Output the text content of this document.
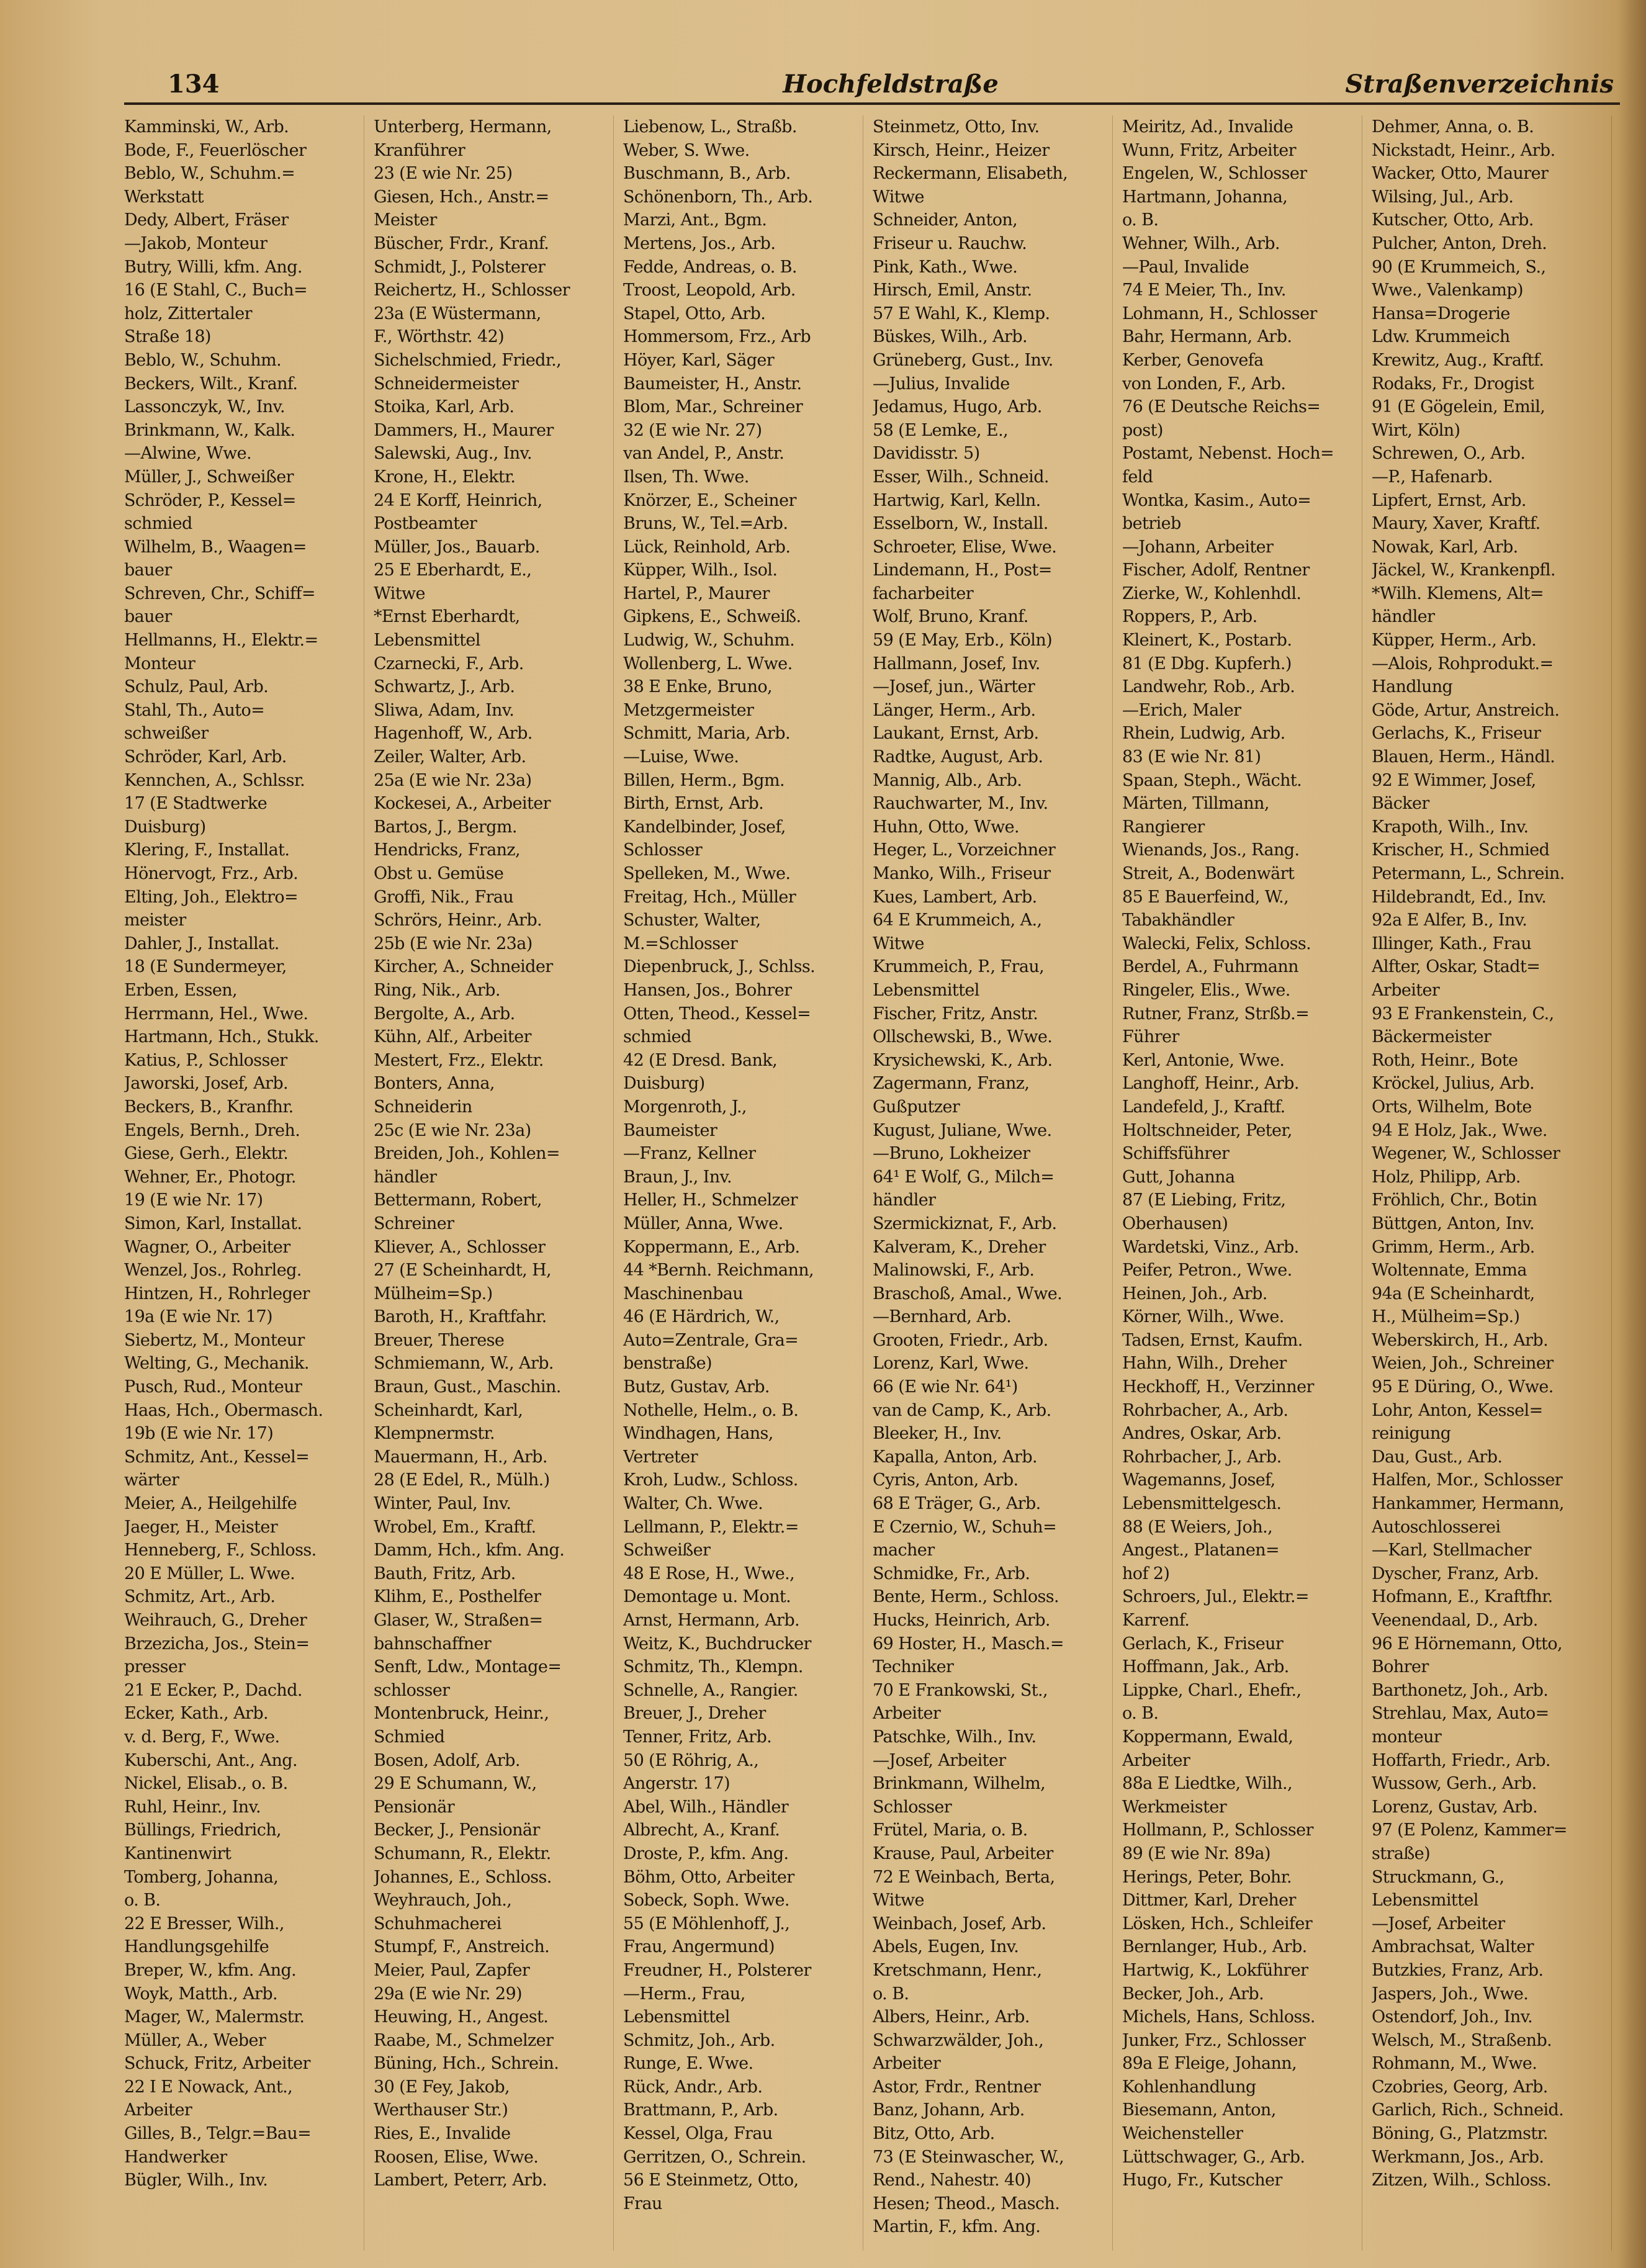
134	Hochfeldstraße	Straßenverzeichnis
Kamminski, W., Arb.
Bode, F., Feuerlöscher
Beblo, W., Schuhm.=
Werkstatt
Dedy, Albert, Fräser
—Jakob, Monteur
Butry, Willi, kfm. Ang.
16 (E Stahl, C., Buch=
holz, Zittertaler
Straße 18)
Beblo, W., Schuhm.
Beckers, Wilt., Kranf.
Lassonczyk, W., Inv.
Brinkmann, W., Kalk.
—Alwine, Wwe.
Müller, J., Schweißer
Schröder, P., Kessel=
schmied
Wilhelm, B., Waagen=
bauer
Schreven, Chr., Schiff=
bauer
Hellmanns, H., Elektr.=
Monteur
Schulz, Paul, Arb.
Stahl, Th., Auto=
schweißer
Schröder, Karl, Arb.
Kennchen, A., Schlssr.
17 (E Stadtwerke
Duisburg)
Klering, F., Installat.
Hönervogt, Frz., Arb.
Elting, Joh., Elektro=
meister
Dahler, J., Installat.
18 (E Sundermeyer,
Erben, Essen,
Herrmann, Hel., Wwe.
Hartmann, Hch., Stukk.
Katius, P., Schlosser
Jaworski, Josef, Arb.
Beckers, B., Kranfhr.
Engels, Bernh., Dreh.
Giese, Gerh., Elektr.
Wehner, Er., Photogr.
19 (E wie Nr. 17)
Simon, Karl, Installat.
Wagner, O., Arbeiter
Wenzel, Jos., Rohrleg.
Hintzen, H., Rohrleger
19a (E wie Nr. 17)
Siebertz, M., Monteur
Welting, G., Mechanik.
Pusch, Rud., Monteur
Haas, Hch., Obermasch.
19b (E wie Nr. 17)
Schmitz, Ant., Kessel=
wärter
Meier, A., Heilgehilfe
Jaeger, H., Meister
Henneberg, F., Schloss.
20 E Müller, L. Wwe.
Schmitz, Art., Arb.
Weihrauch, G., Dreher
Brzezicha, Jos., Stein=
presser
21 E Ecker, P., Dachd.
Ecker, Kath., Arb.
v. d. Berg, F., Wwe.
Kuberschi, Ant., Ang.
Nickel, Elisab., o. B.
Ruhl, Heinr., Inv.
Büllings, Friedrich,
Kantinenwirt
Tomberg, Johanna,
o. B.
22 E Bresser, Wilh.,
Handlungsgehilfe
Breper, W., kfm. Ang.
Woyk, Matth., Arb.
Mager, W., Malermstr.
Müller, A., Weber
Schuck, Fritz, Arbeiter
22 I E Nowack, Ant.,
Arbeiter
Gilles, B., Telgr.=Bau=
Handwerker
Bügler, Wilh., Inv.
Unterberg, Hermann,
Kranführer
23 (E wie Nr. 25)
Giesen, Hch., Anstr.=
Meister
Büscher, Frdr., Kranf.
Schmidt, J., Polsterer
Reichertz, H., Schlosser
23a (E Wüstermann,
F., Wörthstr. 42)
Sichelschmied, Friedr.,
Schneidermeister
Stoika, Karl, Arb.
Dammers, H., Maurer
Salewski, Aug., Inv.
Krone, H., Elektr.
24 E Korff, Heinrich,
Postbeamter
Müller, Jos., Bauarb.
25 E Eberhardt, E.,
Witwe
*Ernst Eberhardt,
Lebensmittel
Czarnecki, F., Arb.
Schwartz, J., Arb.
Sliwa, Adam, Inv.
Hagenhoff, W., Arb.
Zeiler, Walter, Arb.
25a (E wie Nr. 23a)
Kockesei, A., Arbeiter
Bartos, J., Bergm.
Hendricks, Franz,
Obst u. Gemüse
Groffi, Nik., Frau
Schrörs, Heinr., Arb.
25b (E wie Nr. 23a)
Kircher, A., Schneider
Ring, Nik., Arb.
Bergolte, A., Arb.
Kühn, Alf., Arbeiter
Mestert, Frz., Elektr.
Bonters, Anna,
Schneiderin
25c (E wie Nr. 23a)
Breiden, Joh., Kohlen=
händler
Bettermann, Robert,
Schreiner
Kliever, A., Schlosser
27 (E Scheinhardt, H,
Mülheim=Sp.)
Baroth, H., Kraftfahr.
Breuer, Therese
Schmiemann, W., Arb.
Braun, Gust., Maschin.
Scheinhardt, Karl,
Klempnermstr.
Mauermann, H., Arb.
28 (E Edel, R., Mülh.)
Winter, Paul, Inv.
Wrobel, Em., Kraftf.
Damm, Hch., kfm. Ang.
Bauth, Fritz, Arb.
Klihm, E., Posthelfer
Glaser, W., Straßen=
bahnschaffner
Senft, Ldw., Montage=
schlosser
Montenbruck, Heinr.,
Schmied
Bosen, Adolf, Arb.
29 E Schumann, W.,
Pensionär
Becker, J., Pensionär
Schumann, R., Elektr.
Johannes, E., Schloss.
Weyhrauch, Joh.,
Schuhmacherei
Stumpf, F., Anstreich.
Meier, Paul, Zapfer
29a (E wie Nr. 29)
Heuwing, H., Angest.
Raabe, M., Schmelzer
Büning, Hch., Schrein.
30 (E Fey, Jakob,
Werthauser Str.)
Ries, E., Invalide
Roosen, Elise, Wwe.
Lambert, Peterr, Arb.
Liebenow, L., Straßb.
Weber, S. Wwe.
Buschmann, B., Arb.
Schönenborn, Th., Arb.
Marzi, Ant., Bgm.
Mertens, Jos., Arb.
Fedde, Andreas, o. B.
Troost, Leopold, Arb.
Stapel, Otto, Arb.
Hommersom, Frz., Arb
Höyer, Karl, Säger
Baumeister, H., Anstr.
Blom, Mar., Schreiner
32 (E wie Nr. 27)
van Andel, P., Anstr.
Ilsen, Th. Wwe.
Knörzer, E., Scheiner
Bruns, W., Tel.=Arb.
Lück, Reinhold, Arb.
Küpper, Wilh., Isol.
Hartel, P., Maurer
Gipkens, E., Schweiß.
Ludwig, W., Schuhm.
Wollenberg, L. Wwe.
38 E Enke, Bruno,
Metzgermeister
Schmitt, Maria, Arb.
—Luise, Wwe.
Billen, Herm., Bgm.
Birth, Ernst, Arb.
Kandelbinder, Josef,
Schlosser
Spelleken, M., Wwe.
Freitag, Hch., Müller
Schuster, Walter,
M.=Schlosser
Diepenbruck, J., Schlss.
Hansen, Jos., Bohrer
Otten, Theod., Kessel=
schmied
42 (E Dresd. Bank,
Duisburg)
Morgenroth, J.,
Baumeister
—Franz, Kellner
Braun, J., Inv.
Heller, H., Schmelzer
Müller, Anna, Wwe.
Koppermann, E., Arb.
44 *Bernh. Reichmann,
Maschinenbau
46 (E Härdrich, W.,
Auto=Zentrale, Gra=
benstraße)
Butz, Gustav, Arb.
Nothelle, Helm., o. B.
Windhagen, Hans,
Vertreter
Kroh, Ludw., Schloss.
Walter, Ch. Wwe.
Lellmann, P., Elektr.=
Schweißer
48 E Rose, H., Wwe.,
Demontage u. Mont.
Arnst, Hermann, Arb.
Weitz, K., Buchdrucker
Schmitz, Th., Klempn.
Schnelle, A., Rangier.
Breuer, J., Dreher
Tenner, Fritz, Arb.
50 (E Röhrig, A.,
Angerstr. 17)
Abel, Wilh., Händler
Albrecht, A., Kranf.
Droste, P., kfm. Ang.
Böhm, Otto, Arbeiter
Sobeck, Soph. Wwe.
55 (E Möhlenhoff, J.,
Frau, Angermund)
Freudner, H., Polsterer
—Herm., Frau,
Lebensmittel
Schmitz, Joh., Arb.
Runge, E. Wwe.
Rück, Andr., Arb.
Brattmann, P., Arb.
Kessel, Olga, Frau
Gerritzen, O., Schrein.
56 E Steinmetz, Otto,
Frau
Steinmetz, Otto, Inv.
Kirsch, Heinr., Heizer
Reckermann, Elisabeth,
Witwe
Schneider, Anton,
Friseur u. Rauchw.
Pink, Kath., Wwe.
Hirsch, Emil, Anstr.
57 E Wahl, K., Klemp.
Büskes, Wilh., Arb.
Grüneberg, Gust., Inv.
—Julius, Invalide
Jedamus, Hugo, Arb.
58 (E Lemke, E.,
Davidisstr. 5)
Esser, Wilh., Schneid.
Hartwig, Karl, Kelln.
Esselborn, W., Install.
Schroeter, Elise, Wwe.
Lindemann, H., Post=
facharbeiter
Wolf, Bruno, Kranf.
59 (E May, Erb., Köln)
Hallmann, Josef, Inv.
—Josef, jun., Wärter
Länger, Herm., Arb.
Laukant, Ernst, Arb.
Radtke, August, Arb.
Mannig, Alb., Arb.
Rauchwarter, M., Inv.
Huhn, Otto, Wwe.
Heger, L., Vorzeichner
Manko, Wilh., Friseur
Kues, Lambert, Arb.
64 E Krummeich, A.,
Witwe
Krummeich, P., Frau,
Lebensmittel
Fischer, Fritz, Anstr.
Ollschewski, B., Wwe.
Krysichewski, K., Arb.
Zagermann, Franz,
Gußputzer
Kugust, Juliane, Wwe.
—Bruno, Lokheizer
64¹ E Wolf, G., Milch=
händler
Szermickiznat, F., Arb.
Kalveram, K., Dreher
Malinowski, F., Arb.
Braschoß, Amal., Wwe.
—Bernhard, Arb.
Grooten, Friedr., Arb.
Lorenz, Karl, Wwe.
66 (E wie Nr. 64¹)
van de Camp, K., Arb.
Bleeker, H., Inv.
Kapalla, Anton, Arb.
Cyris, Anton, Arb.
68 E Träger, G., Arb.
E Czernio, W., Schuh=
macher
Schmidke, Fr., Arb.
Bente, Herm., Schloss.
Hucks, Heinrich, Arb.
69 Hoster, H., Masch.=
Techniker
70 E Frankowski, St.,
Arbeiter
Patschke, Wilh., Inv.
—Josef, Arbeiter
Brinkmann, Wilhelm,
Schlosser
Frütel, Maria, o. B.
Krause, Paul, Arbeiter
72 E Weinbach, Berta,
Witwe
Weinbach, Josef, Arb.
Abels, Eugen, Inv.
Kretschmann, Henr.,
o. B.
Albers, Heinr., Arb.
Schwarzwälder, Joh.,
Arbeiter
Astor, Frdr., Rentner
Banz, Johann, Arb.
Bitz, Otto, Arb.
73 (E Steinwascher, W.,
Rend., Nahestr. 40)
Hesen; Theod., Masch.
Martin, F., kfm. Ang.
Meiritz, Ad., Invalide
Wunn, Fritz, Arbeiter
Engelen, W., Schlosser
Hartmann, Johanna,
o. B.
Wehner, Wilh., Arb.
—Paul, Invalide
74 E Meier, Th., Inv.
Lohmann, H., Schlosser
Bahr, Hermann, Arb.
Kerber, Genovefa
von Londen, F., Arb.
76 (E Deutsche Reichs=
post)
Postamt, Nebenst. Hoch=
feld
Wontka, Kasim., Auto=
betrieb
—Johann, Arbeiter
Fischer, Adolf, Rentner
Zierke, W., Kohlenhdl.
Roppers, P., Arb.
Kleinert, K., Postarb.
81 (E Dbg. Kupferh.)
Landwehr, Rob., Arb.
—Erich, Maler
Rhein, Ludwig, Arb.
83 (E wie Nr. 81)
Spaan, Steph., Wächt.
Märten, Tillmann,
Rangierer
Wienands, Jos., Rang.
Streit, A., Bodenwärt
85 E Bauerfeind, W.,
Tabakhändler
Walecki, Felix, Schloss.
Berdel, A., Fuhrmann
Ringeler, Elis., Wwe.
Rutner, Franz, Strßb.=
Führer
Kerl, Antonie, Wwe.
Langhoff, Heinr., Arb.
Landefeld, J., Kraftf.
Holtschneider, Peter,
Schiffsführer
Gutt, Johanna
87 (E Liebing, Fritz,
Oberhausen)
Wardetski, Vinz., Arb.
Peifer, Petron., Wwe.
Heinen, Joh., Arb.
Körner, Wilh., Wwe.
Tadsen, Ernst, Kaufm.
Hahn, Wilh., Dreher
Heckhoff, H., Verzinner
Rohrbacher, A., Arb.
Andres, Oskar, Arb.
Rohrbacher, J., Arb.
Wagemanns, Josef,
Lebensmittelgesch.
88 (E Weiers, Joh.,
Angest., Platanen=
hof 2)
Schroers, Jul., Elektr.=
Karrenf.
Gerlach, K., Friseur
Hoffmann, Jak., Arb.
Lippke, Charl., Ehefr.,
o. B.
Koppermann, Ewald,
Arbeiter
88a E Liedtke, Wilh.,
Werkmeister
Hollmann, P., Schlosser
89 (E wie Nr. 89a)
Herings, Peter, Bohr.
Dittmer, Karl, Dreher
Lösken, Hch., Schleifer
Bernlanger, Hub., Arb.
Hartwig, K., Lokführer
Becker, Joh., Arb.
Michels, Hans, Schloss.
Junker, Frz., Schlosser
89a E Fleige, Johann,
Kohlenhandlung
Biesemann, Anton,
Weichensteller
Lüttschwager, G., Arb.
Hugo, Fr., Kutscher
Dehmer, Anna, o. B.
Nickstadt, Heinr., Arb.
Wacker, Otto, Maurer
Wilsing, Jul., Arb.
Kutscher, Otto, Arb.
Pulcher, Anton, Dreh.
90 (E Krummeich, S.,
Wwe., Valenkamp)
Hansa=Drogerie
Ldw. Krummeich
Krewitz, Aug., Kraftf.
Rodaks, Fr., Drogist
91 (E Gögelein, Emil,
Wirt, Köln)
Schrewen, O., Arb.
—P., Hafenarb.
Lipfert, Ernst, Arb.
Maury, Xaver, Kraftf.
Nowak, Karl, Arb.
Jäckel, W., Krankenpfl.
*Wilh. Klemens, Alt=
händler
Küpper, Herm., Arb.
—Alois, Rohprodukt.=
Handlung
Göde, Artur, Anstreich.
Gerlachs, K., Friseur
Blauen, Herm., Händl.
92 E Wimmer, Josef,
Bäcker
Krapoth, Wilh., Inv.
Krischer, H., Schmied
Petermann, L., Schrein.
Hildebrandt, Ed., Inv.
92a E Alfer, B., Inv.
Illinger, Kath., Frau
Alfter, Oskar, Stadt=
Arbeiter
93 E Frankenstein, C.,
Bäckermeister
Roth, Heinr., Bote
Kröckel, Julius, Arb.
Orts, Wilhelm, Bote
94 E Holz, Jak., Wwe.
Wegener, W., Schlosser
Holz, Philipp, Arb.
Fröhlich, Chr., Botin
Büttgen, Anton, Inv.
Grimm, Herm., Arb.
Woltennate, Emma
94a (E Scheinhardt,
H., Mülheim=Sp.)
Weberskirch, H., Arb.
Weien, Joh., Schreiner
95 E Düring, O., Wwe.
Lohr, Anton, Kessel=
reinigung
Dau, Gust., Arb.
Halfen, Mor., Schlosser
Hankammer, Hermann,
Autoschlosserei
—Karl, Stellmacher
Dyscher, Franz, Arb.
Hofmann, E., Kraftfhr.
Veenendaal, D., Arb.
96 E Hörnemann, Otto,
Bohrer
Barthonetz, Joh., Arb.
Strehlau, Max, Auto=
monteur
Hoffarth, Friedr., Arb.
Wussow, Gerh., Arb.
Lorenz, Gustav, Arb.
97 (E Polenz, Kammer=
straße)
Struckmann, G.,
Lebensmittel
—Josef, Arbeiter
Ambrachsat, Walter
Butzkies, Franz, Arb.
Jaspers, Joh., Wwe.
Ostendorf, Joh., Inv.
Welsch, M., Straßenb.
Rohmann, M., Wwe.
Czobries, Georg, Arb.
Garlich, Rich., Schneid.
Böning, G., Platzmstr.
Werkmann, Jos., Arb.
Zitzen, Wilh., Schloss.
